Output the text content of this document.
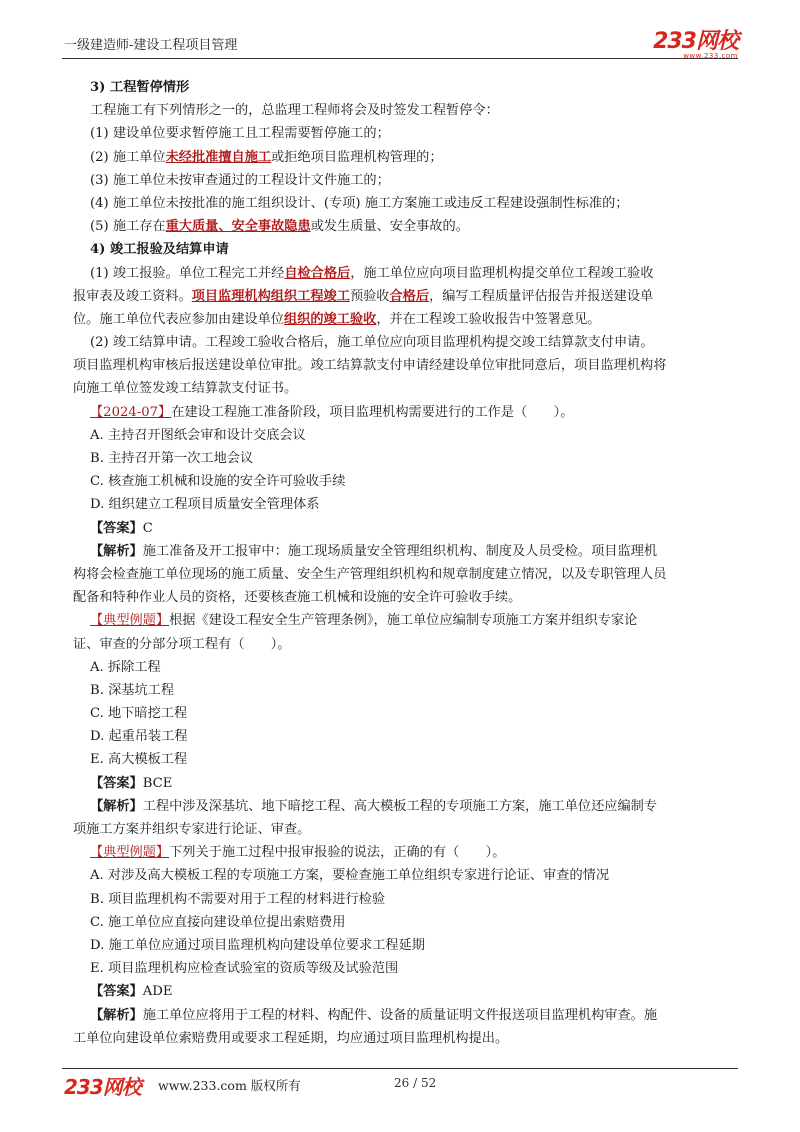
一级建造师-建设工程项目管理	233网校
www.233.com
3) 工程暂停情形
工程施工有下列情形之一的，总监理工程师将会及时签发工程暂停令：
(1) 建设单位要求暂停施工且工程需要暂停施工的；
(2) 施工单位未经批准擅自施工或拒绝项目监理机构管理的；
(3) 施工单位未按审查通过的工程设计文件施工的；
(4) 施工单位未按批准的施工组织设计、(专项) 施工方案施工或违反工程建设强制性标准的；
(5) 施工存在重大质量、安全事故隐患或发生质量、安全事故的。
4) 竣工报验及结算申请
(1) 竣工报验。单位工程完工并经自检合格后，施工单位应向项目监理机构提交单位工程竣工验收
报审表及竣工资料。项目监理机构组织工程竣工预验收合格后，编写工程质量评估报告并报送建设单
位。施工单位代表应参加由建设单位组织的竣工验收，并在工程竣工验收报告中签署意见。
(2) 竣工结算申请。工程竣工验收合格后，施工单位应向项目监理机构提交竣工结算款支付申请。
项目监理机构审核后报送建设单位审批。竣工结算款支付申请经建设单位审批同意后，项目监理机构将
向施工单位签发竣工结算款支付证书。
【2024-07】在建设工程施工准备阶段，项目监理机构需要进行的工作是（　　）。
A. 主持召开图纸会审和设计交底会议
B. 主持召开第一次工地会议
C. 核查施工机械和设施的安全许可验收手续
D. 组织建立工程项目质量安全管理体系
【答案】C
【解析】施工准备及开工报审中：施工现场质量安全管理组织机构、制度及人员受检。项目监理机
构将会检查施工单位现场的施工质量、安全生产管理组织机构和规章制度建立情况，以及专职管理人员
配备和特种作业人员的资格，还要核查施工机械和设施的安全许可验收手续。
【典型例题】根据《建设工程安全生产管理条例》，施工单位应编制专项施工方案并组织专家论
证、审查的分部分项工程有（　　）。
A. 拆除工程
B. 深基坑工程
C. 地下暗挖工程
D. 起重吊装工程
E. 高大模板工程
【答案】BCE
【解析】工程中涉及深基坑、地下暗挖工程、高大模板工程的专项施工方案，施工单位还应编制专
项施工方案并组织专家进行论证、审查。
【典型例题】下列关于施工过程中报审报验的说法，正确的有（　　）。
A. 对涉及高大模板工程的专项施工方案，要检查施工单位组织专家进行论证、审查的情况
B. 项目监理机构不需要对用于工程的材料进行检验
C. 施工单位应直接向建设单位提出索赔费用
D. 施工单位应通过项目监理机构向建设单位要求工程延期
E. 项目监理机构应检查试验室的资质等级及试验范围
【答案】ADE
【解析】施工单位应将用于工程的材料、构配件、设备的质量证明文件报送项目监理机构审查。施
工单位向建设单位索赔费用或要求工程延期，均应通过项目监理机构提出。
233网校 www.233.com 版权所有	26 / 52
